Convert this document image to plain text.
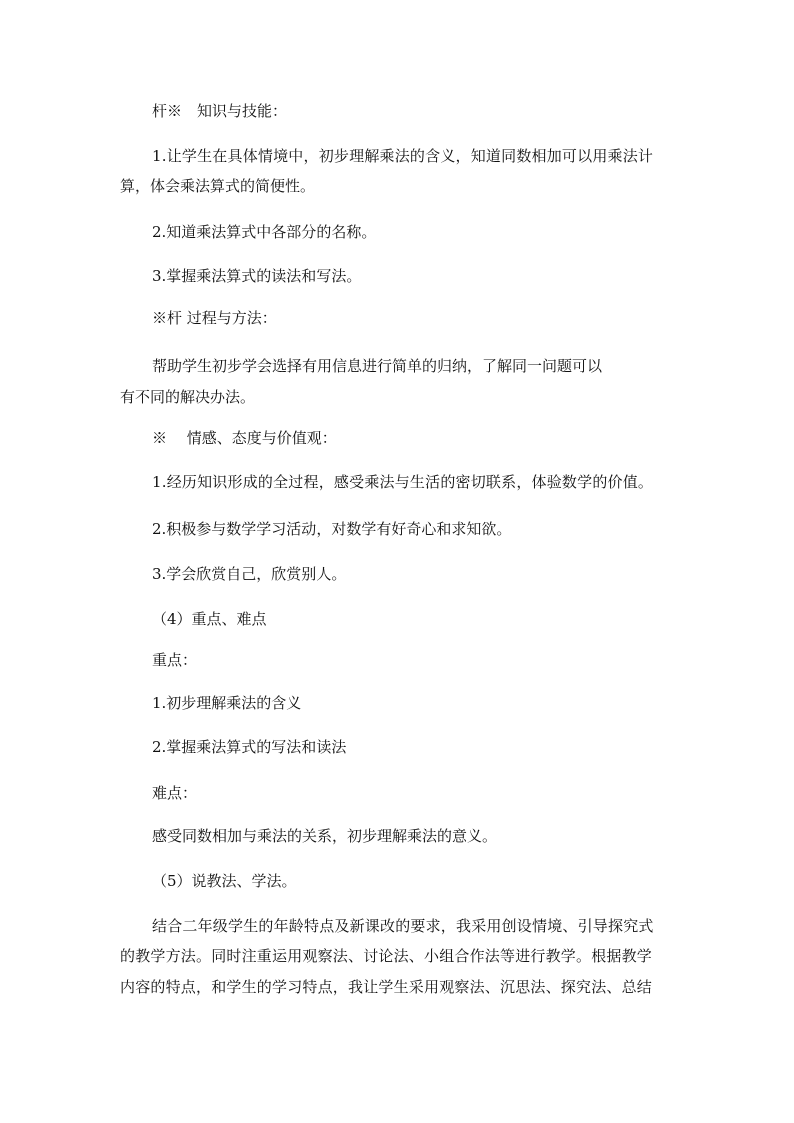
杆※　知识与技能：
1.让学生在具体情境中，初步理解乘法的含义，知道同数相加可以用乘法计
算，体会乘法算式的简便性。
2.知道乘法算式中各部分的名称。
3.掌握乘法算式的读法和写法。
※杆 过程与方法：
帮助学生初步学会选择有用信息进行简单的归纳，了解同一问题可以
有不同的解决办法。
※　 情感、态度与价值观：
1.经历知识形成的全过程，感受乘法与生活的密切联系，体验数学的价值。
2.积极参与数学学习活动，对数学有好奇心和求知欲。
3.学会欣赏自己，欣赏别人。
（4）重点、难点
重点：
1.初步理解乘法的含义
2.掌握乘法算式的写法和读法
难点：
感受同数相加与乘法的关系，初步理解乘法的意义。
（5）说教法、学法。
结合二年级学生的年龄特点及新课改的要求，我采用创设情境、引导探究式
的教学方法。同时注重运用观察法、讨论法、小组合作法等进行教学。根据教学
内容的特点，和学生的学习特点，我让学生采用观察法、沉思法、探究法、总结
